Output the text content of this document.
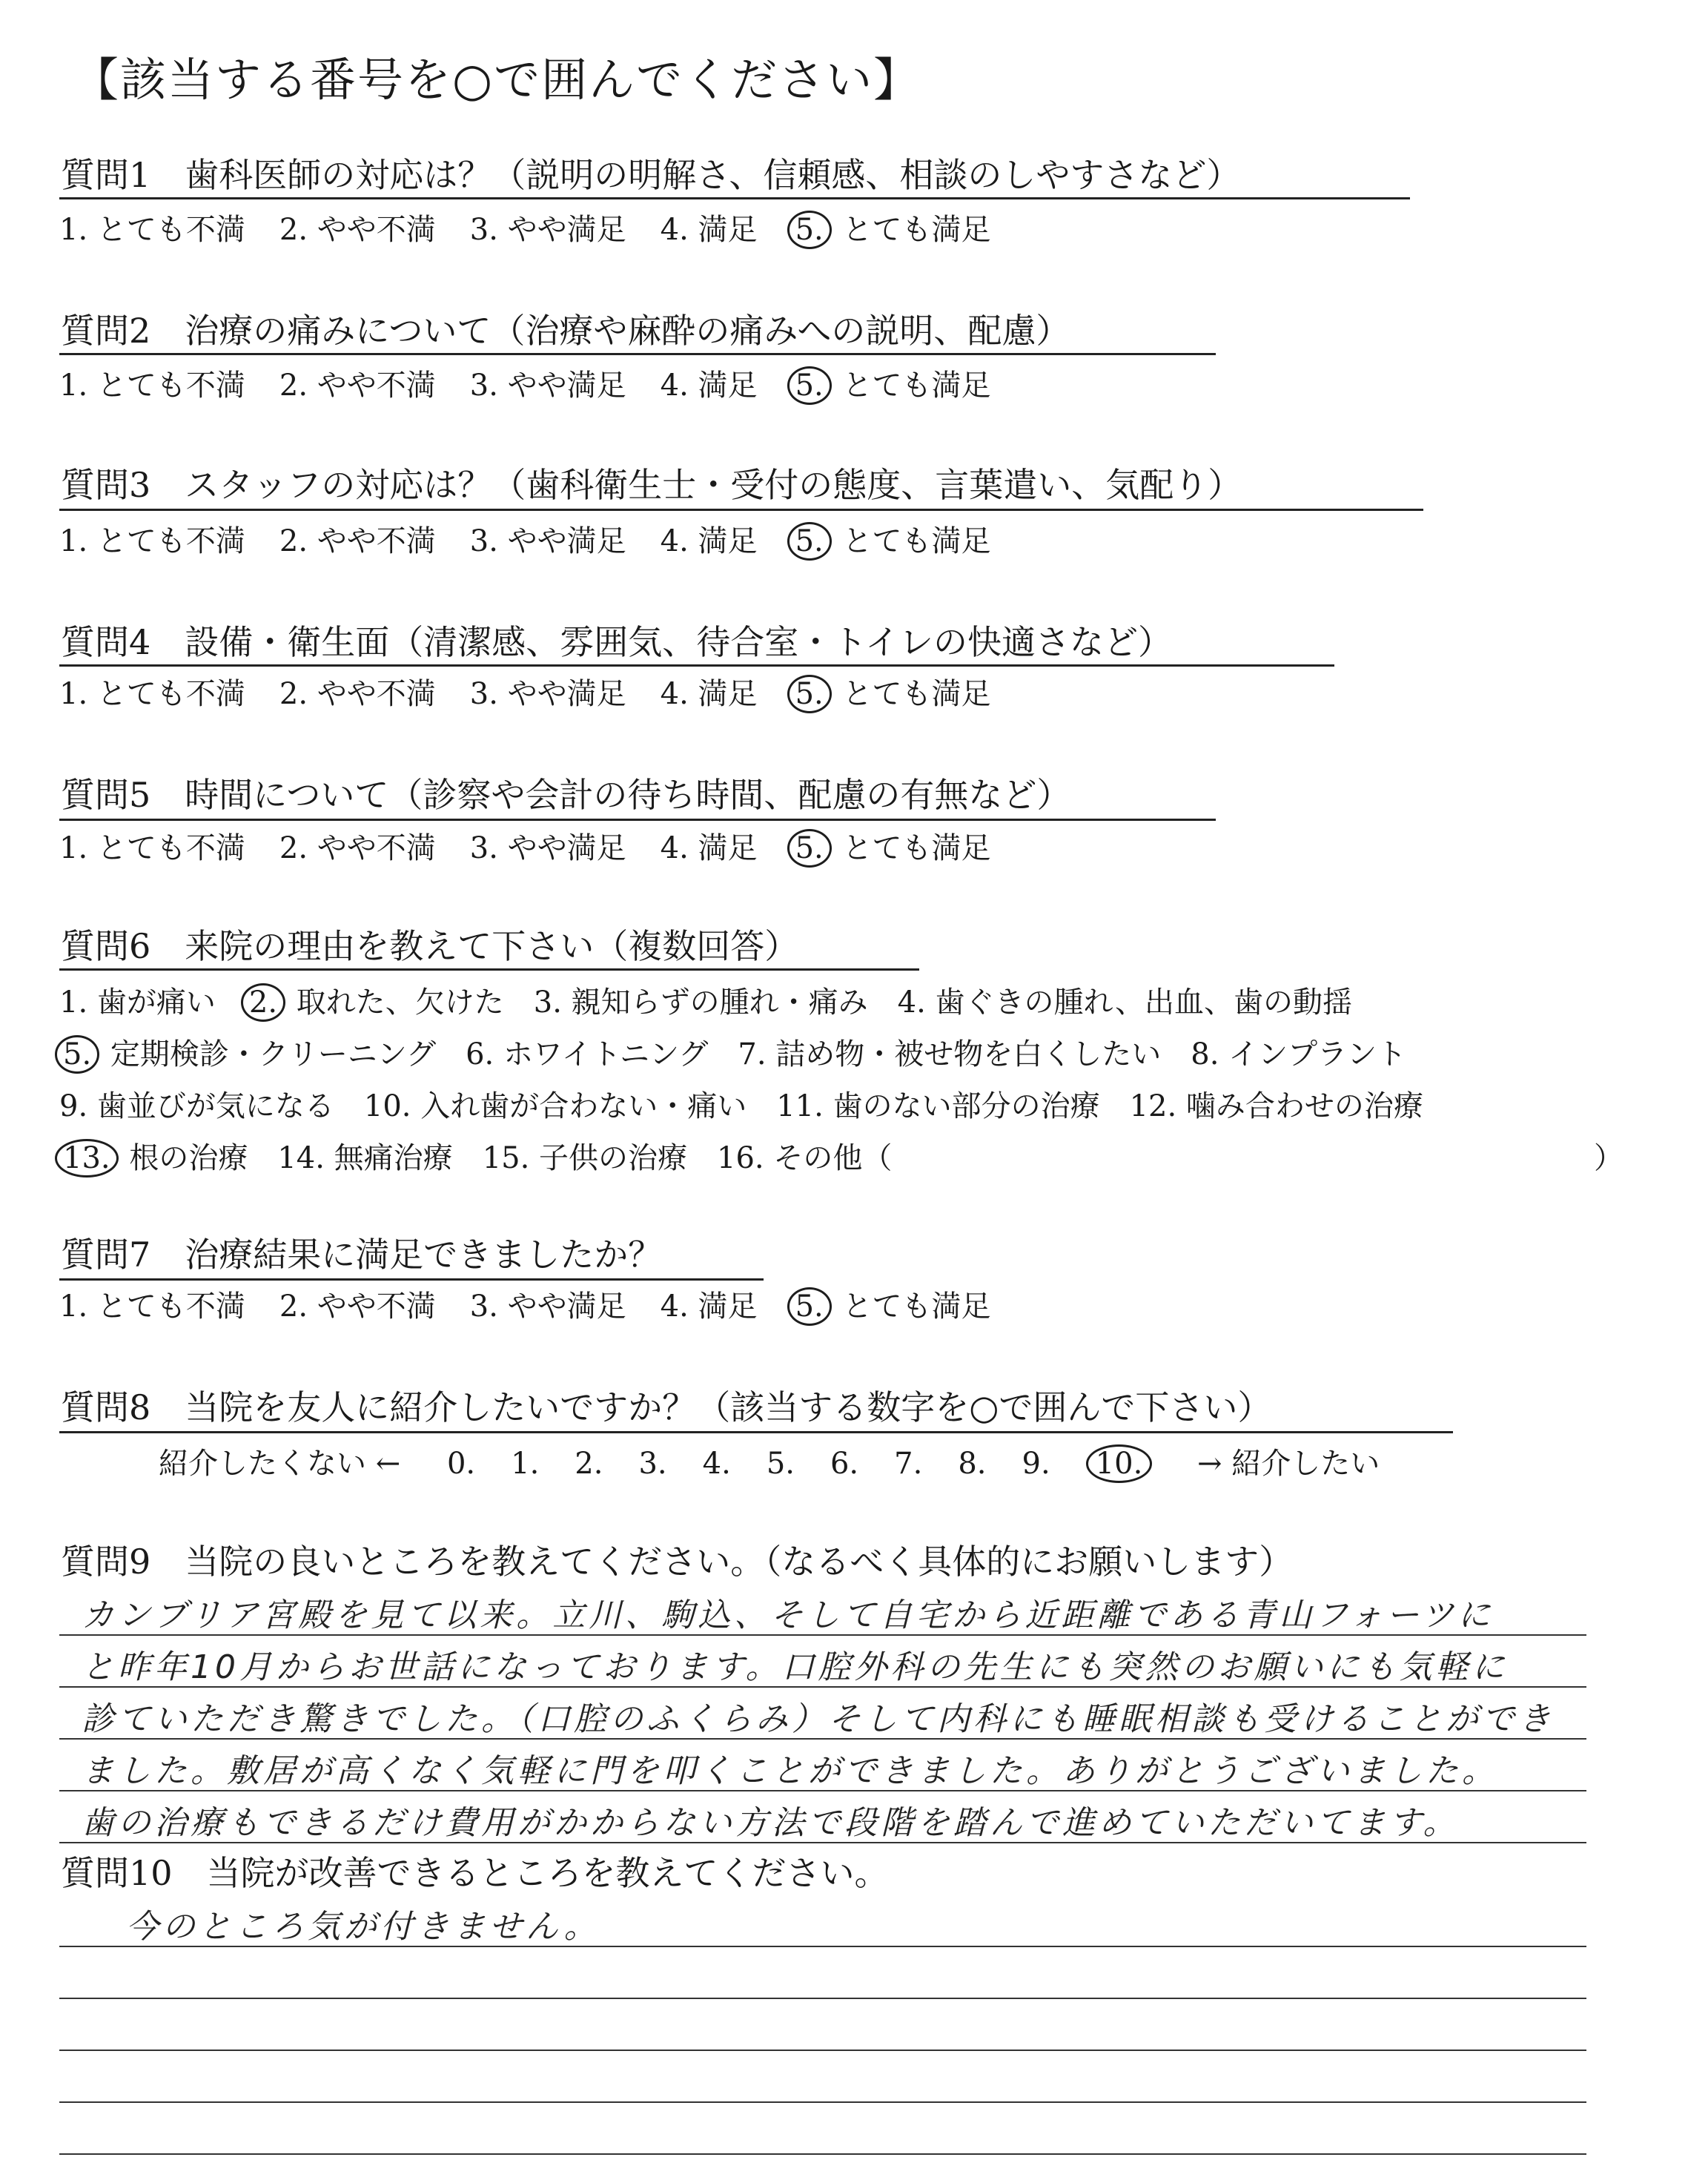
【該当する番号を○で囲んでください】
質問1　歯科医師の対応は？（説明の明解さ、信頼感、相談のしやすさなど）
1. とても不満 2. やや不満 3. やや満足 4. 満足 5. とても満足
質問2　治療の痛みについて（治療や麻酔の痛みへの説明、配慮）
1. とても不満 2. やや不満 3. やや満足 4. 満足 5. とても満足
質問3　スタッフの対応は？（歯科衛生士・受付の態度、言葉遣い、気配り）
1. とても不満 2. やや不満 3. やや満足 4. 満足 5. とても満足
質問4　設備・衛生面（清潔感、雰囲気、待合室・トイレの快適さなど）
1. とても不満 2. やや不満 3. やや満足 4. 満足 5. とても満足
質問5　時間について（診察や会計の待ち時間、配慮の有無など）
1. とても不満 2. やや不満 3. やや満足 4. 満足 5. とても満足
質問6　来院の理由を教えて下さい（複数回答）
1. 歯が痛い 2. 取れた、欠けた 3. 親知らずの腫れ・痛み 4. 歯ぐきの腫れ、出血、歯の動揺
5. 定期検診・クリーニング 6. ホワイトニング 7. 詰め物・被せ物を白くしたい 8. インプラント
9. 歯並びが気になる 10. 入れ歯が合わない・痛い 11. 歯のない部分の治療 12. 噛み合わせの治療
13. 根の治療 14. 無痛治療 15. 子供の治療 16. その他（	）
質問7　治療結果に満足できましたか？
1. とても不満 2. やや不満 3. やや満足 4. 満足 5. とても満足
質問8　当院を友人に紹介したいですか？（該当する数字を○で囲んで下さい）
紹介したくない ← 0. 1. 2. 3. 4. 5. 6. 7. 8. 9. 10. → 紹介したい
質問9　当院の良いところを教えてください。（なるべく具体的にお願いします）
カンブリア宮殿を見て以来。立川、駒込、そして自宅から近距離である青山フォーツに
と昨年10月からお世話になっております。口腔外科の先生にも突然のお願いにも気軽に
診ていただき驚きでした。（口腔のふくらみ）そして内科にも睡眠相談も受けることができ
ました。敷居が高くなく気軽に門を叩くことができました。ありがとうございました。
歯の治療もできるだけ費用がかからない方法で段階を踏んで進めていただいてます。
質問10　当院が改善できるところを教えてください。
今のところ気が付きません。
